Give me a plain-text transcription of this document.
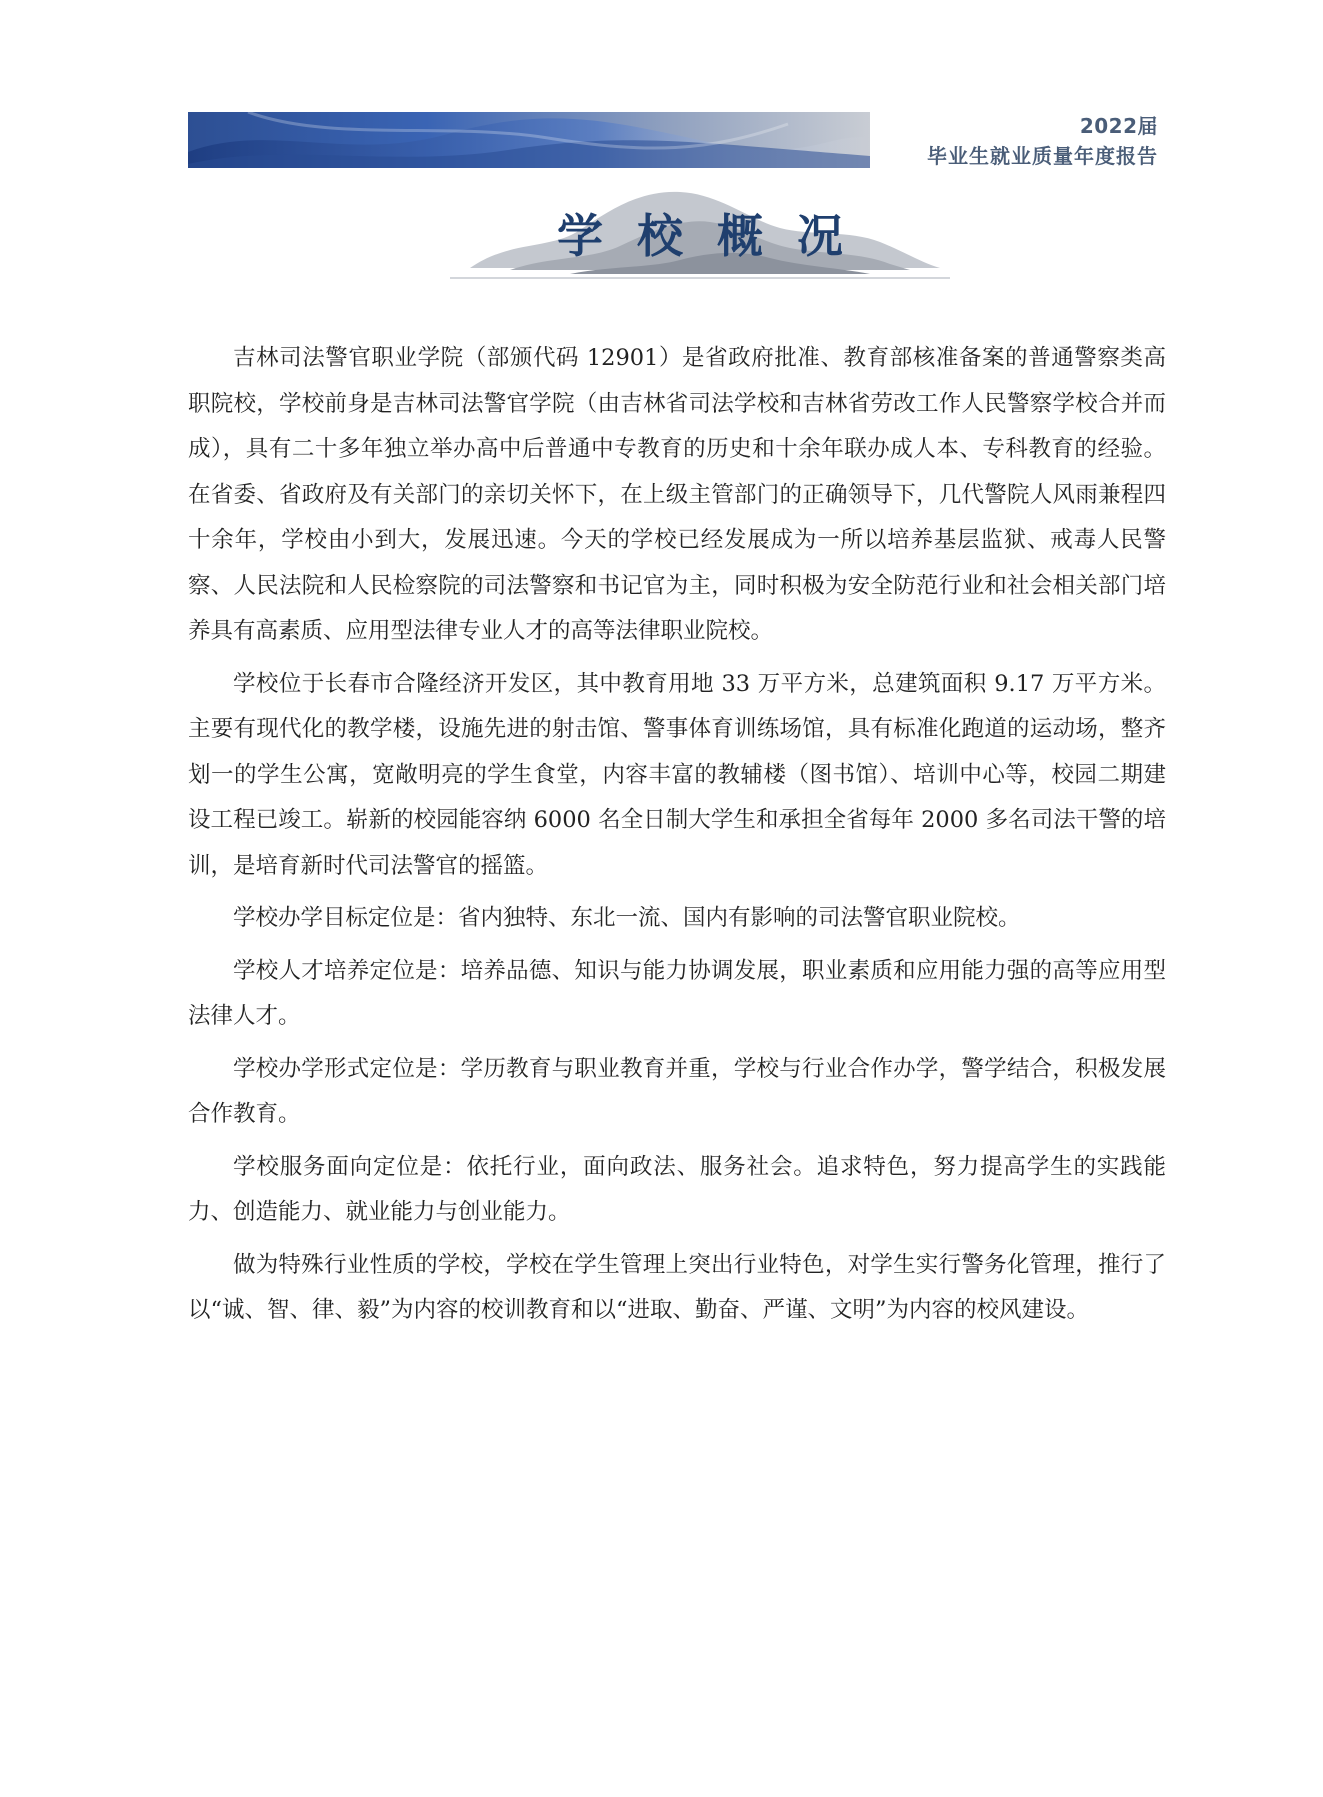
2022届
毕业生就业质量年度报告
学校概况

吉林司法警官职业学院（部颁代码 12901）是省政府批准、教育部核准备案的普通警察类高职院校，学校前身是吉林司法警官学院（由吉林省司法学校和吉林省劳改工作人民警察学校合并而成），具有二十多年独立举办高中后普通中专教育的历史和十余年联办成人本、专科教育的经验。在省委、省政府及有关部门的亲切关怀下，在上级主管部门的正确领导下，几代警院人风雨兼程四十余年，学校由小到大，发展迅速。今天的学校已经发展成为一所以培养基层监狱、戒毒人民警察、人民法院和人民检察院的司法警察和书记官为主，同时积极为安全防范行业和社会相关部门培养具有高素质、应用型法律专业人才的高等法律职业院校。

学校位于长春市合隆经济开发区，其中教育用地 33 万平方米，总建筑面积 9.17 万平方米。主要有现代化的教学楼，设施先进的射击馆、警事体育训练场馆，具有标准化跑道的运动场，整齐划一的学生公寓，宽敞明亮的学生食堂，内容丰富的教辅楼（图书馆）、培训中心等，校园二期建设工程已竣工。崭新的校园能容纳 6000 名全日制大学生和承担全省每年 2000 多名司法干警的培训，是培育新时代司法警官的摇篮。

学校办学目标定位是：省内独特、东北一流、国内有影响的司法警官职业院校。

学校人才培养定位是：培养品德、知识与能力协调发展，职业素质和应用能力强的高等应用型法律人才。

学校办学形式定位是：学历教育与职业教育并重，学校与行业合作办学，警学结合，积极发展合作教育。

学校服务面向定位是：依托行业，面向政法、服务社会。追求特色，努力提高学生的实践能力、创造能力、就业能力与创业能力。

做为特殊行业性质的学校，学校在学生管理上突出行业特色，对学生实行警务化管理，推行了以“诚、智、律、毅”为内容的校训教育和以“进取、勤奋、严谨、文明”为内容的校风建设。
